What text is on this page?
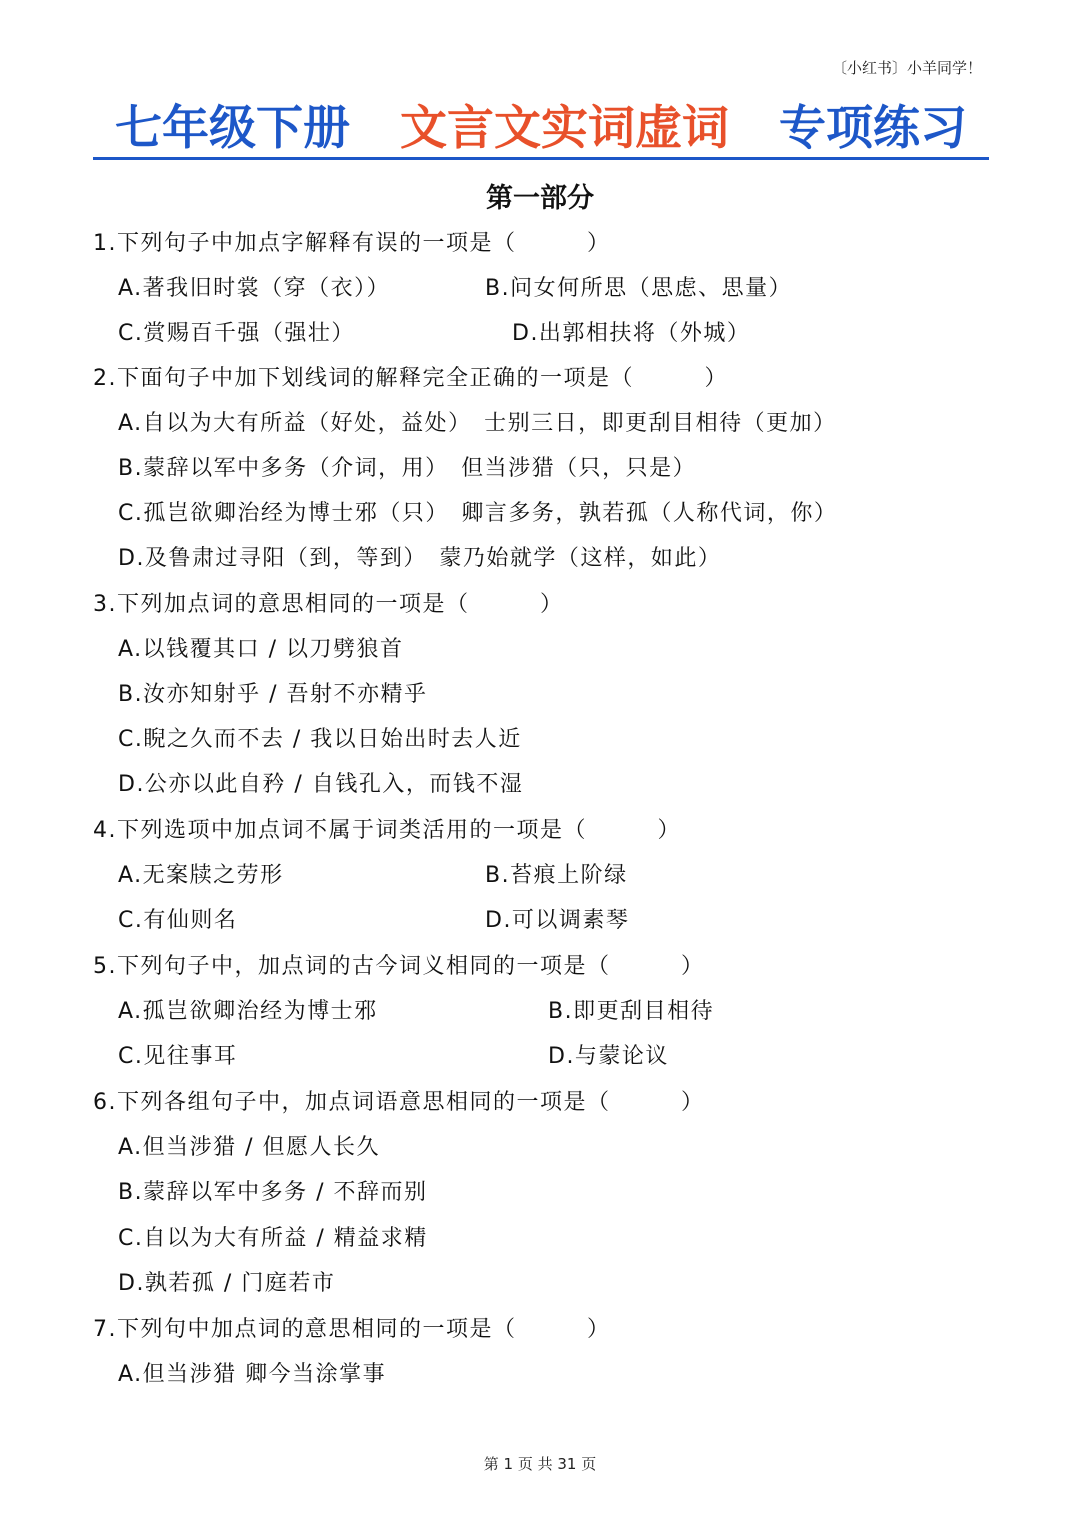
〔小红书〕小羊同学！
七年级下册 文言文实词虚词 专项练习
第一部分
1.下列句子中加点字解释有误的一项是（　　　）
A.著我旧时裳（穿（衣））	B.问女何所思（思虑、思量）
C.赏赐百千强（强壮）	D.出郭相扶将（外城）
2.下面句子中加下划线词的解释完全正确的一项是（　　　）
A.自以为大有所益（好处，益处）　士别三日，即更刮目相待（更加）
B.蒙辞以军中多务（介词，用）　但当涉猎（只，只是）
C.孤岂欲卿治经为博士邪（只）　卿言多务，孰若孤（人称代词，你）
D.及鲁肃过寻阳（到，等到）　蒙乃始就学（这样，如此）
3.下列加点词的意思相同的一项是（　　　）
A.以钱覆其口 / 以刀劈狼首
B.汝亦知射乎 / 吾射不亦精乎
C.睨之久而不去 / 我以日始出时去人近
D.公亦以此自矜 / 自钱孔入，而钱不湿
4.下列选项中加点词不属于词类活用的一项是（　　　）
A.无案牍之劳形	B.苔痕上阶绿
C.有仙则名	D.可以调素琴
5.下列句子中，加点词的古今词义相同的一项是（　　　）
A.孤岂欲卿治经为博士邪	B.即更刮目相待
C.见往事耳	D.与蒙论议
6.下列各组句子中，加点词语意思相同的一项是（　　　）
A.但当涉猎 / 但愿人长久
B.蒙辞以军中多务 / 不辞而别
C.自以为大有所益 / 精益求精
D.孰若孤 / 门庭若市
7.下列句中加点词的意思相同的一项是（　　　）
A.但当涉猎 卿今当涂掌事
第 1 页 共 31 页
